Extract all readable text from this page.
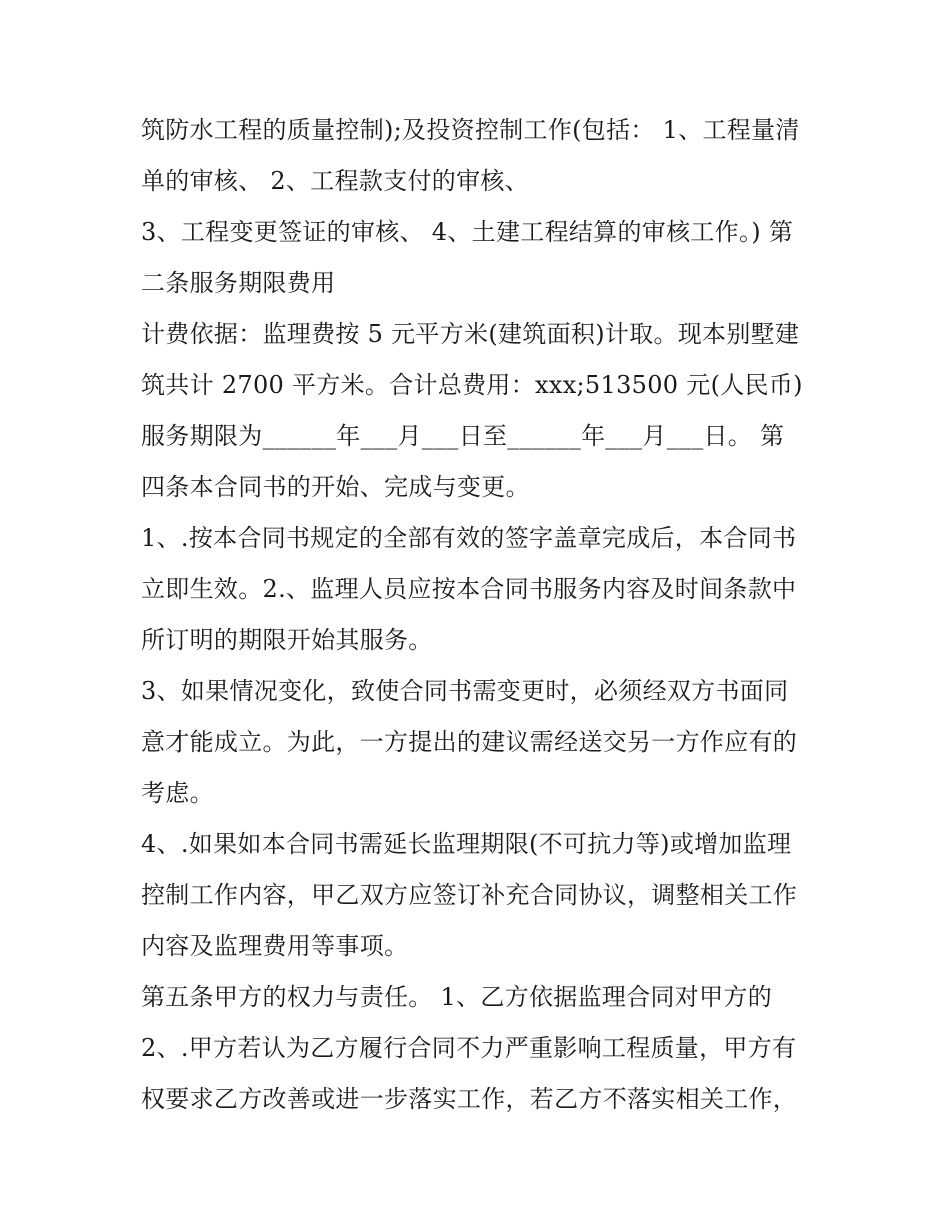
筑防水工程的质量控制);及投资控制工作(包括： 1、工程量清
单的审核、 2、工程款支付的审核、
3、工程变更签证的审核、 4、土建工程结算的审核工作。) 第
二条服务期限费用
计费依据：监理费按 5 元平方米(建筑面积)计取。现本别墅建
筑共计 2700 平方米。合计总费用：xxx;513500 元(人民币)
服务期限为______年___月___日至______年___月___日。 第
四条本合同书的开始、完成与变更。
1、.按本合同书规定的全部有效的签字盖章完成后，本合同书
立即生效。2.、监理人员应按本合同书服务内容及时间条款中
所订明的期限开始其服务。
3、如果情况变化，致使合同书需变更时，必须经双方书面同
意才能成立。为此，一方提出的建议需经送交另一方作应有的
考虑。
4、.如果如本合同书需延长监理期限(不可抗力等)或增加监理
控制工作内容，甲乙双方应签订补充合同协议，调整相关工作
内容及监理费用等事项。
第五条甲方的权力与责任。 1、乙方依据监理合同对甲方的
2、.甲方若认为乙方履行合同不力严重影响工程质量，甲方有
权要求乙方改善或进一步落实工作，若乙方不落实相关工作，
